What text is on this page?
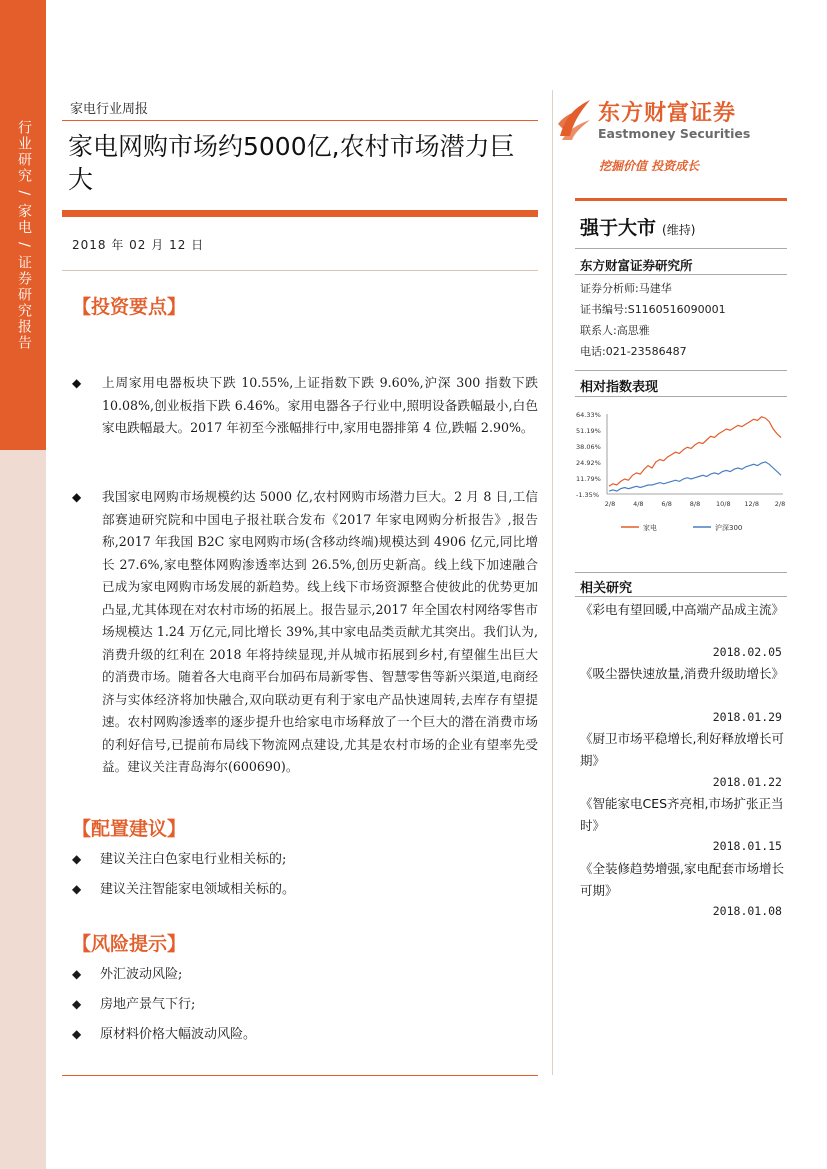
行业研究 / 家电 / 证券研究报告
家电行业周报
家电网购市场约5000亿,农村市场潜力巨大
2018 年 02 月 12 日
【投资要点】
◆ 上周家用电器板块下跌 10.55%,上证指数下跌 9.60%,沪深 300 指数下跌 10.08%,创业板指下跌 6.46%。家用电器各子行业中,照明设备跌幅最小,白色家电跌幅最大。2017 年初至今涨幅排行中,家用电器排第 4 位,跌幅 2.90%。
◆ 我国家电网购市场规模约达 5000 亿,农村网购市场潜力巨大。2 月 8 日,工信部赛迪研究院和中国电子报社联合发布《2017 年家电网购分析报告》,报告称,2017 年我国 B2C 家电网购市场(含移动终端)规模达到 4906 亿元,同比增长 27.6%,家电整体网购渗透率达到 26.5%,创历史新高。线上线下加速融合已成为家电网购市场发展的新趋势。线上线下市场资源整合使彼此的优势更加凸显,尤其体现在对农村市场的拓展上。报告显示,2017 年全国农村网络零售市场规模达 1.24 万亿元,同比增长 39%,其中家电品类贡献尤其突出。我们认为,消费升级的红利在 2018 年将持续显现,并从城市拓展到乡村,有望催生出巨大的消费市场。随着各大电商平台加码布局新零售、智慧零售等新兴渠道,电商经济与实体经济将加快融合,双向联动更有利于家电产品快速周转,去库存有望提速。农村网购渗透率的逐步提升也给家电市场释放了一个巨大的潜在消费市场的利好信号,已提前布局线下物流网点建设,尤其是农村市场的企业有望率先受益。建议关注青岛海尔(600690)。
【配置建议】
◆ 建议关注白色家电行业相关标的;
◆ 建议关注智能家电领域相关标的。
【风险提示】
◆ 外汇波动风险;
◆ 房地产景气下行;
◆ 原材料价格大幅波动风险。
东方财富证券
Eastmoney Securities
挖掘价值 投资成长
强于大市 (维持)
东方财富证券研究所
证券分析师:马建华
证书编号:S1160516090001
联系人:高思雅
电话:021-23586487
相对指数表现
64.33%
51.19%
38.06%
24.92%
11.79%
-1.35%
2/8	4/8	6/8	8/8 10/8 12/8 2/8
家电	沪深300
相关研究
《彩电有望回暖,中高端产品成主流》
2018.02.05
《吸尘器快速放量,消费升级助增长》
2018.01.29
《厨卫市场平稳增长,利好释放增长可期》
2018.01.22
《智能家电CES齐亮相,市场扩张正当时》
2018.01.15
《全装修趋势增强,家电配套市场增长可期》
2018.01.08
